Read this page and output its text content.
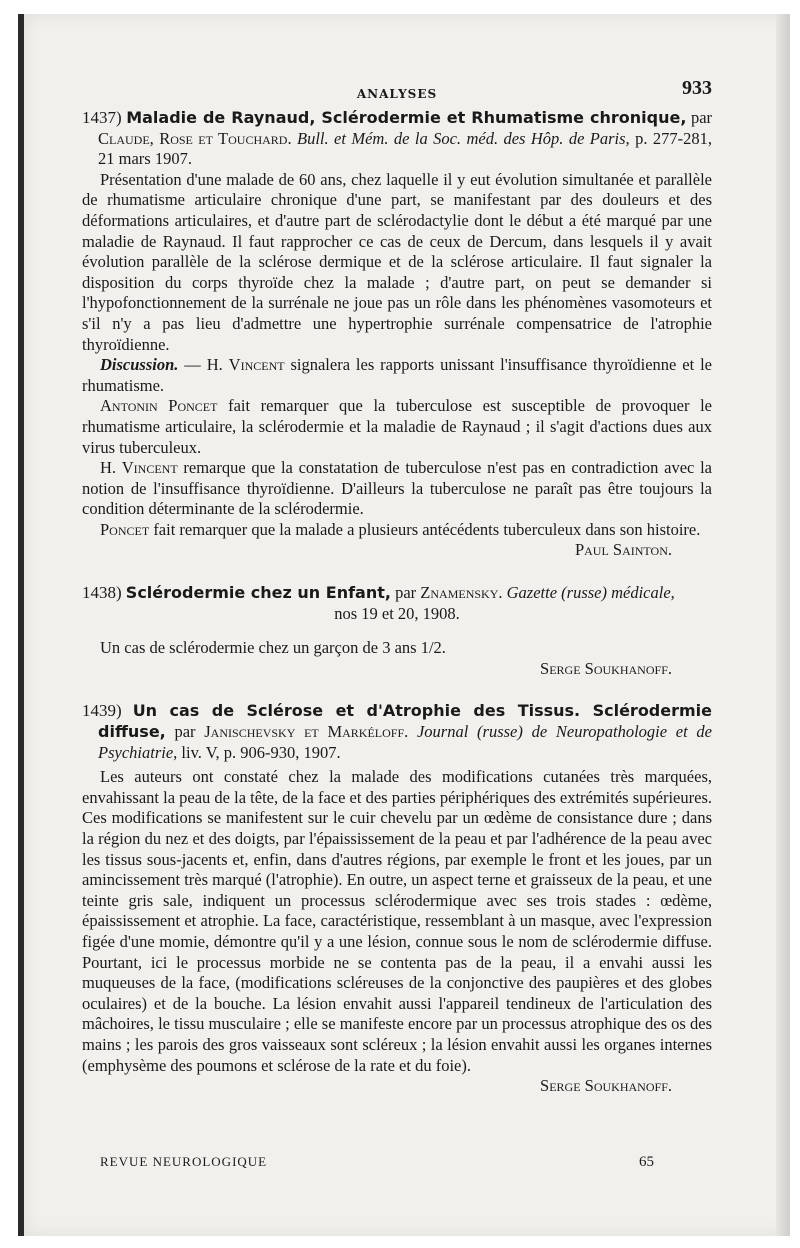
ANALYSES	933
1437) Maladie de Raynaud, Sclérodermie et Rhumatisme chronique, par Claude, Rose et Touchard. Bull. et Mém. de la Soc. méd. des Hôp. de Paris, p. 277-281, 21 mars 1907.

Présentation d'une malade de 60 ans, chez laquelle il y eut évolution simultanée et parallèle de rhumatisme articulaire chronique d'une part, se manifestant par des douleurs et des déformations articulaires, et d'autre part de sclérodactylie dont le début a été marqué par une maladie de Raynaud. Il faut rapprocher ce cas de ceux de Dercum, dans lesquels il y avait évolution parallèle de la sclérose dermique et de la sclérose articulaire. Il faut signaler la disposition du corps thyroïde chez la malade ; d'autre part, on peut se demander si l'hypofonctionnement de la surrénale ne joue pas un rôle dans les phénomènes vasomoteurs et s'il n'y a pas lieu d'admettre une hypertrophie surrénale compensatrice de l'atrophie thyroïdienne.

Discussion. — H. Vincent signalera les rapports unissant l'insuffisance thyroïdienne et le rhumatisme.

Antonin Poncet fait remarquer que la tuberculose est susceptible de provoquer le rhumatisme articulaire, la sclérodermie et la maladie de Raynaud ; il s'agit d'actions dues aux virus tuberculeux.

H. Vincent remarque que la constatation de tuberculose n'est pas en contradiction avec la notion de l'insuffisance thyroïdienne. D'ailleurs la tuberculose ne paraît pas être toujours la condition déterminante de la sclérodermie.

Poncet fait remarquer que la malade a plusieurs antécédents tuberculeux dans son histoire.

Paul Sainton.
1438) Sclérodermie chez un Enfant, par Znamensky. Gazette (russe) médicale,
nos 19 et 20, 1908.

Un cas de sclérodermie chez un garçon de 3 ans 1/2.

Serge Soukhanoff.
1439) Un cas de Sclérose et d'Atrophie des Tissus. Sclérodermie diffuse, par Janischevsky et Markéloff. Journal (russe) de Neuropathologie et de Psychiatrie, liv. V, p. 906-930, 1907.

Les auteurs ont constaté chez la malade des modifications cutanées très marquées, envahissant la peau de la tête, de la face et des parties périphériques des extrémités supérieures. Ces modifications se manifestent sur le cuir chevelu par un œdème de consistance dure ; dans la région du nez et des doigts, par l'épaississement de la peau et par l'adhérence de la peau avec les tissus sous-jacents et, enfin, dans d'autres régions, par exemple le front et les joues, par un amincissement très marqué (l'atrophie). En outre, un aspect terne et graisseux de la peau, et une teinte gris sale, indiquent un processus sclérodermique avec ses trois stades : œdème, épaississement et atrophie. La face, caractéristique, ressemblant à un masque, avec l'expression figée d'une momie, démontre qu'il y a une lésion, connue sous le nom de sclérodermie diffuse. Pourtant, ici le processus morbide ne se contenta pas de la peau, il a envahi aussi les muqueuses de la face, (modifications scléreuses de la conjonctive des paupières et des globes oculaires) et de la bouche. La lésion envahit aussi l'appareil tendineux de l'articulation des mâchoires, le tissu musculaire ; elle se manifeste encore par un processus atrophique des os des mains ; les parois des gros vaisseaux sont scléreux ; la lésion envahit aussi les organes internes (emphysème des poumons et sclérose de la rate et du foie).

Serge Soukhanoff.
REVUE NEUROLOGIQUE	65
